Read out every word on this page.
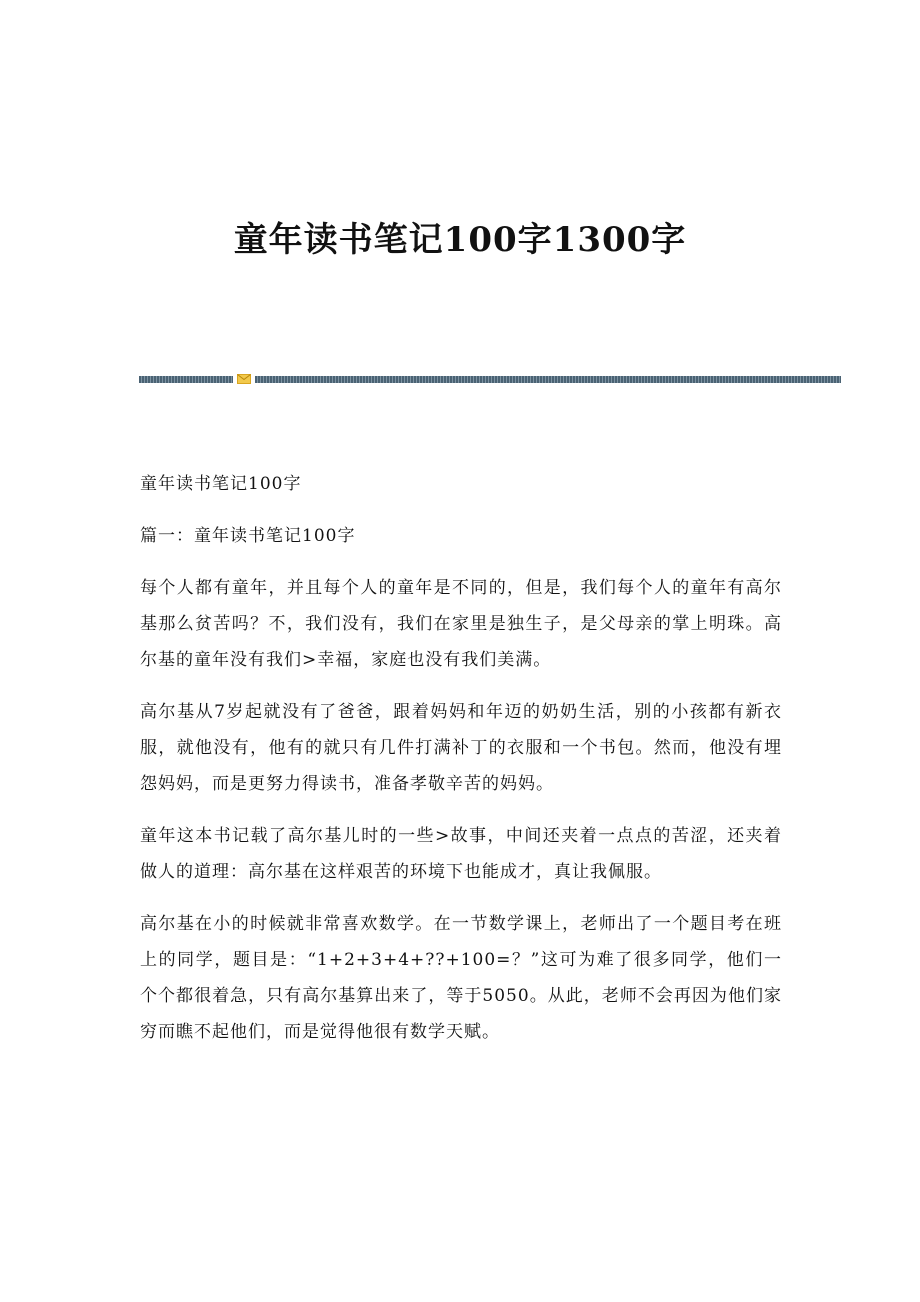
童年读书笔记100字1300字

童年读书笔记100字

篇一：童年读书笔记100字

每个人都有童年，并且每个人的童年是不同的，但是，我们每个人的童年有高尔基那么贫苦吗？不，我们没有，我们在家里是独生子，是父母亲的掌上明珠。高尔基的童年没有我们>幸福，家庭也没有我们美满。

高尔基从7岁起就没有了爸爸，跟着妈妈和年迈的奶奶生活，别的小孩都有新衣服，就他没有，他有的就只有几件打满补丁的衣服和一个书包。然而，他没有埋怨妈妈，而是更努力得读书，准备孝敬辛苦的妈妈。

童年这本书记载了高尔基儿时的一些>故事，中间还夹着一点点的苦涩，还夹着做人的道理：高尔基在这样艰苦的环境下也能成才，真让我佩服。

高尔基在小的时候就非常喜欢数学。在一节数学课上，老师出了一个题目考在班上的同学，题目是：“1+2+3+4+??+100=？”这可为难了很多同学，他们一个个都很着急，只有高尔基算出来了，等于5050。从此，老师不会再因为他们家穷而瞧不起他们，而是觉得他很有数学天赋。
